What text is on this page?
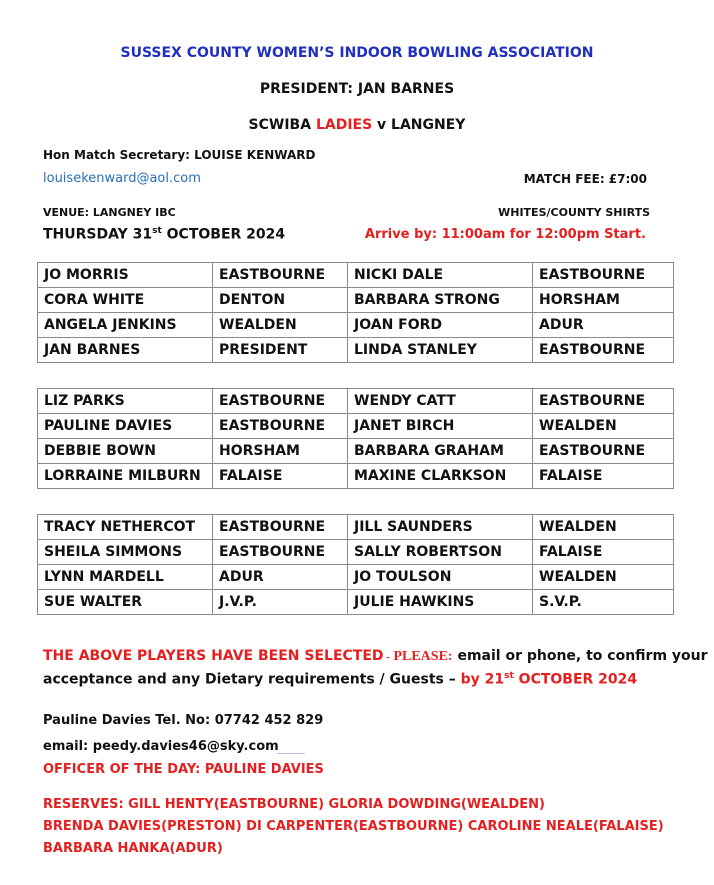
SUSSEX COUNTY WOMEN’S INDOOR BOWLING ASSOCIATION
PRESIDENT: JAN BARNES
SCWIBA LADIES v LANGNEY
Hon Match Secretary: LOUISE KENWARD
louisekenward@aol.com	MATCH FEE: £7:00
VENUE: LANGNEY IBC	WHITES/COUNTY SHIRTS
THURSDAY 31st OCTOBER 2024	Arrive by: 11:00am for 12:00pm Start.
JO MORRIS	EASTBOURNE	NICKI DALE	EASTBOURNE
CORA WHITE	DENTON	BARBARA STRONG	HORSHAM
ANGELA JENKINS	WEALDEN	JOAN FORD	ADUR
JAN BARNES	PRESIDENT	LINDA STANLEY	EASTBOURNE
LIZ PARKS	EASTBOURNE	WENDY CATT	EASTBOURNE
PAULINE DAVIES	EASTBOURNE	JANET BIRCH	WEALDEN
DEBBIE BOWN	HORSHAM	BARBARA GRAHAM	EASTBOURNE
LORRAINE MILBURN	FALAISE	MAXINE CLARKSON	FALAISE
TRACY NETHERCOT	EASTBOURNE	JILL SAUNDERS	WEALDEN
SHEILA SIMMONS	EASTBOURNE	SALLY ROBERTSON	FALAISE
LYNN MARDELL	ADUR	JO TOULSON	WEALDEN
SUE WALTER	J.V.P.	JULIE HAWKINS	S.V.P.
THE ABOVE PLAYERS HAVE BEEN SELECTED - PLEASE: email or phone, to confirm your
acceptance and any Dietary requirements / Guests – by 21st OCTOBER 2024
Pauline Davies Tel. No: 07742 452 829
email: peedy.davies46@sky.com
OFFICER OF THE DAY: PAULINE DAVIES
RESERVES: GILL HENTY(EASTBOURNE) GLORIA DOWDING(WEALDEN)
BRENDA DAVIES(PRESTON) DI CARPENTER(EASTBOURNE) CAROLINE NEALE(FALAISE)
BARBARA HANKA(ADUR)
